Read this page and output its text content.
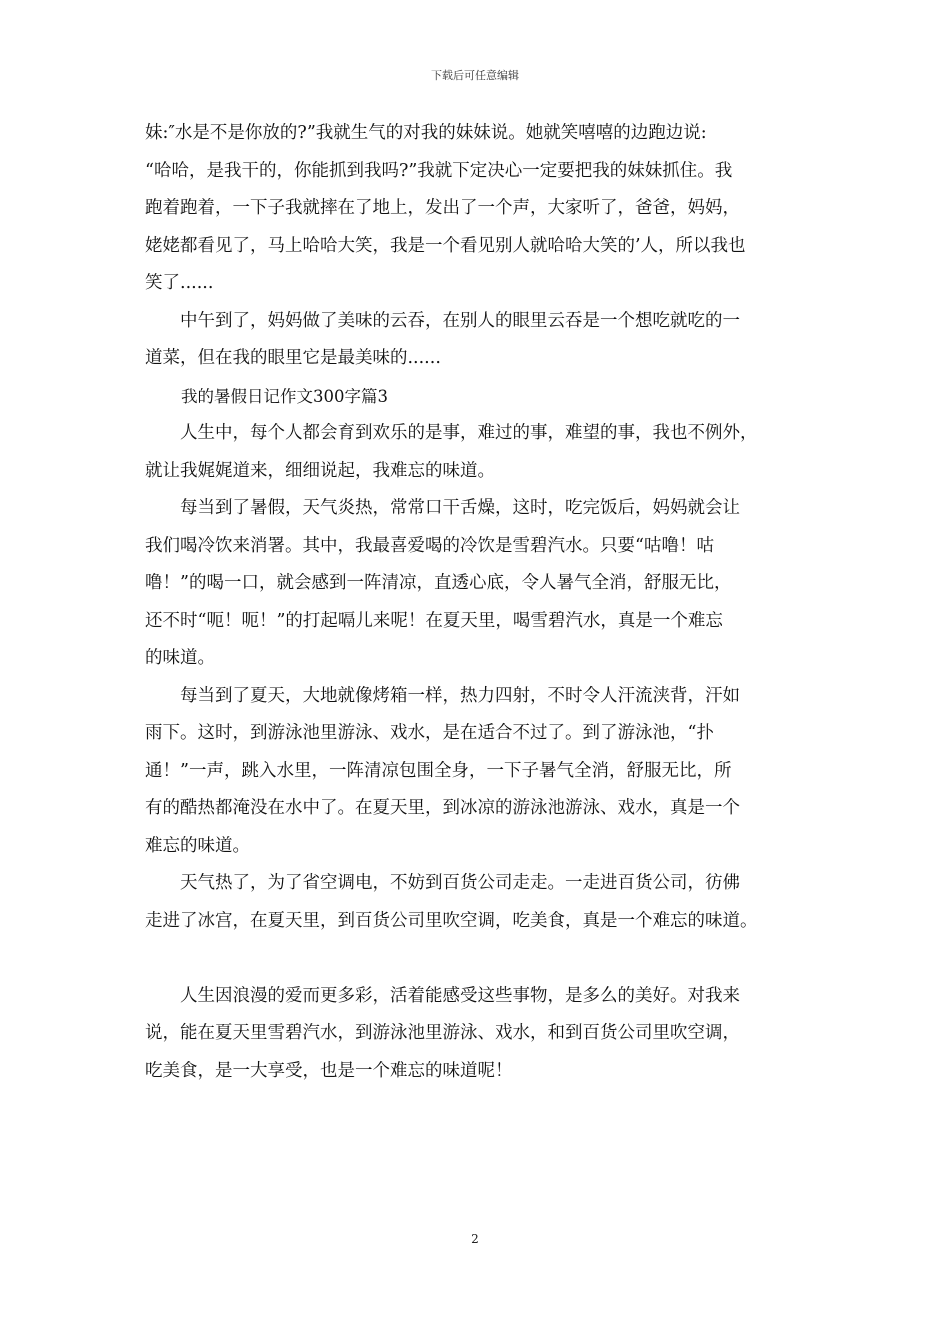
下载后可任意编辑
妹:″水是不是你放的?”我就生气的对我的妹妹说。她就笑嘻嘻的边跑边说:
“哈哈，是我干的，你能抓到我吗?”我就下定决心一定要把我的妹妹抓住。我
跑着跑着，一下子我就摔在了地上，发出了一个声，大家听了，爸爸，妈妈，
姥姥都看见了，马上哈哈大笑，我是一个看见别人就哈哈大笑的’人，所以我也
笑了......
　　中午到了，妈妈做了美味的云吞，在别人的眼里云吞是一个想吃就吃的一
道菜，但在我的眼里它是最美味的......
我的暑假日记作文300字篇3
　　人生中，每个人都会育到欢乐的是事，难过的事，难望的事，我也不例外，
就让我娓娓道来，细细说起，我难忘的味道。
　　每当到了暑假，天气炎热，常常口干舌燥，这时，吃完饭后，妈妈就会让
我们喝冷饮来消署。其中，我最喜爱喝的冷饮是雪碧汽水。只要“咕噜！咕
噜！”的喝一口，就会感到一阵清凉，直透心底，令人暑气全消，舒服无比，
还不时“呃！呃！”的打起嗝儿来呢！在夏天里，喝雪碧汽水，真是一个难忘
的味道。
　　每当到了夏天，大地就像烤箱一样，热力四射，不时令人汗流浃背，汗如
雨下。这时，到游泳池里游泳、戏水，是在适合不过了。到了游泳池，“扑
通！”一声，跳入水里，一阵清凉包围全身，一下子暑气全消，舒服无比，所
有的酷热都淹没在水中了。在夏天里，到冰凉的游泳池游泳、戏水，真是一个
难忘的味道。
　　天气热了，为了省空调电，不妨到百货公司走走。一走进百货公司，彷佛
走进了冰宫，在夏天里，到百货公司里吹空调，吃美食，真是一个难忘的味道。
　　人生因浪漫的爱而更多彩，活着能感受这些事物，是多么的美好。对我来
说，能在夏天里雪碧汽水，到游泳池里游泳、戏水，和到百货公司里吹空调，
吃美食，是一大享受，也是一个难忘的味道呢！
2
